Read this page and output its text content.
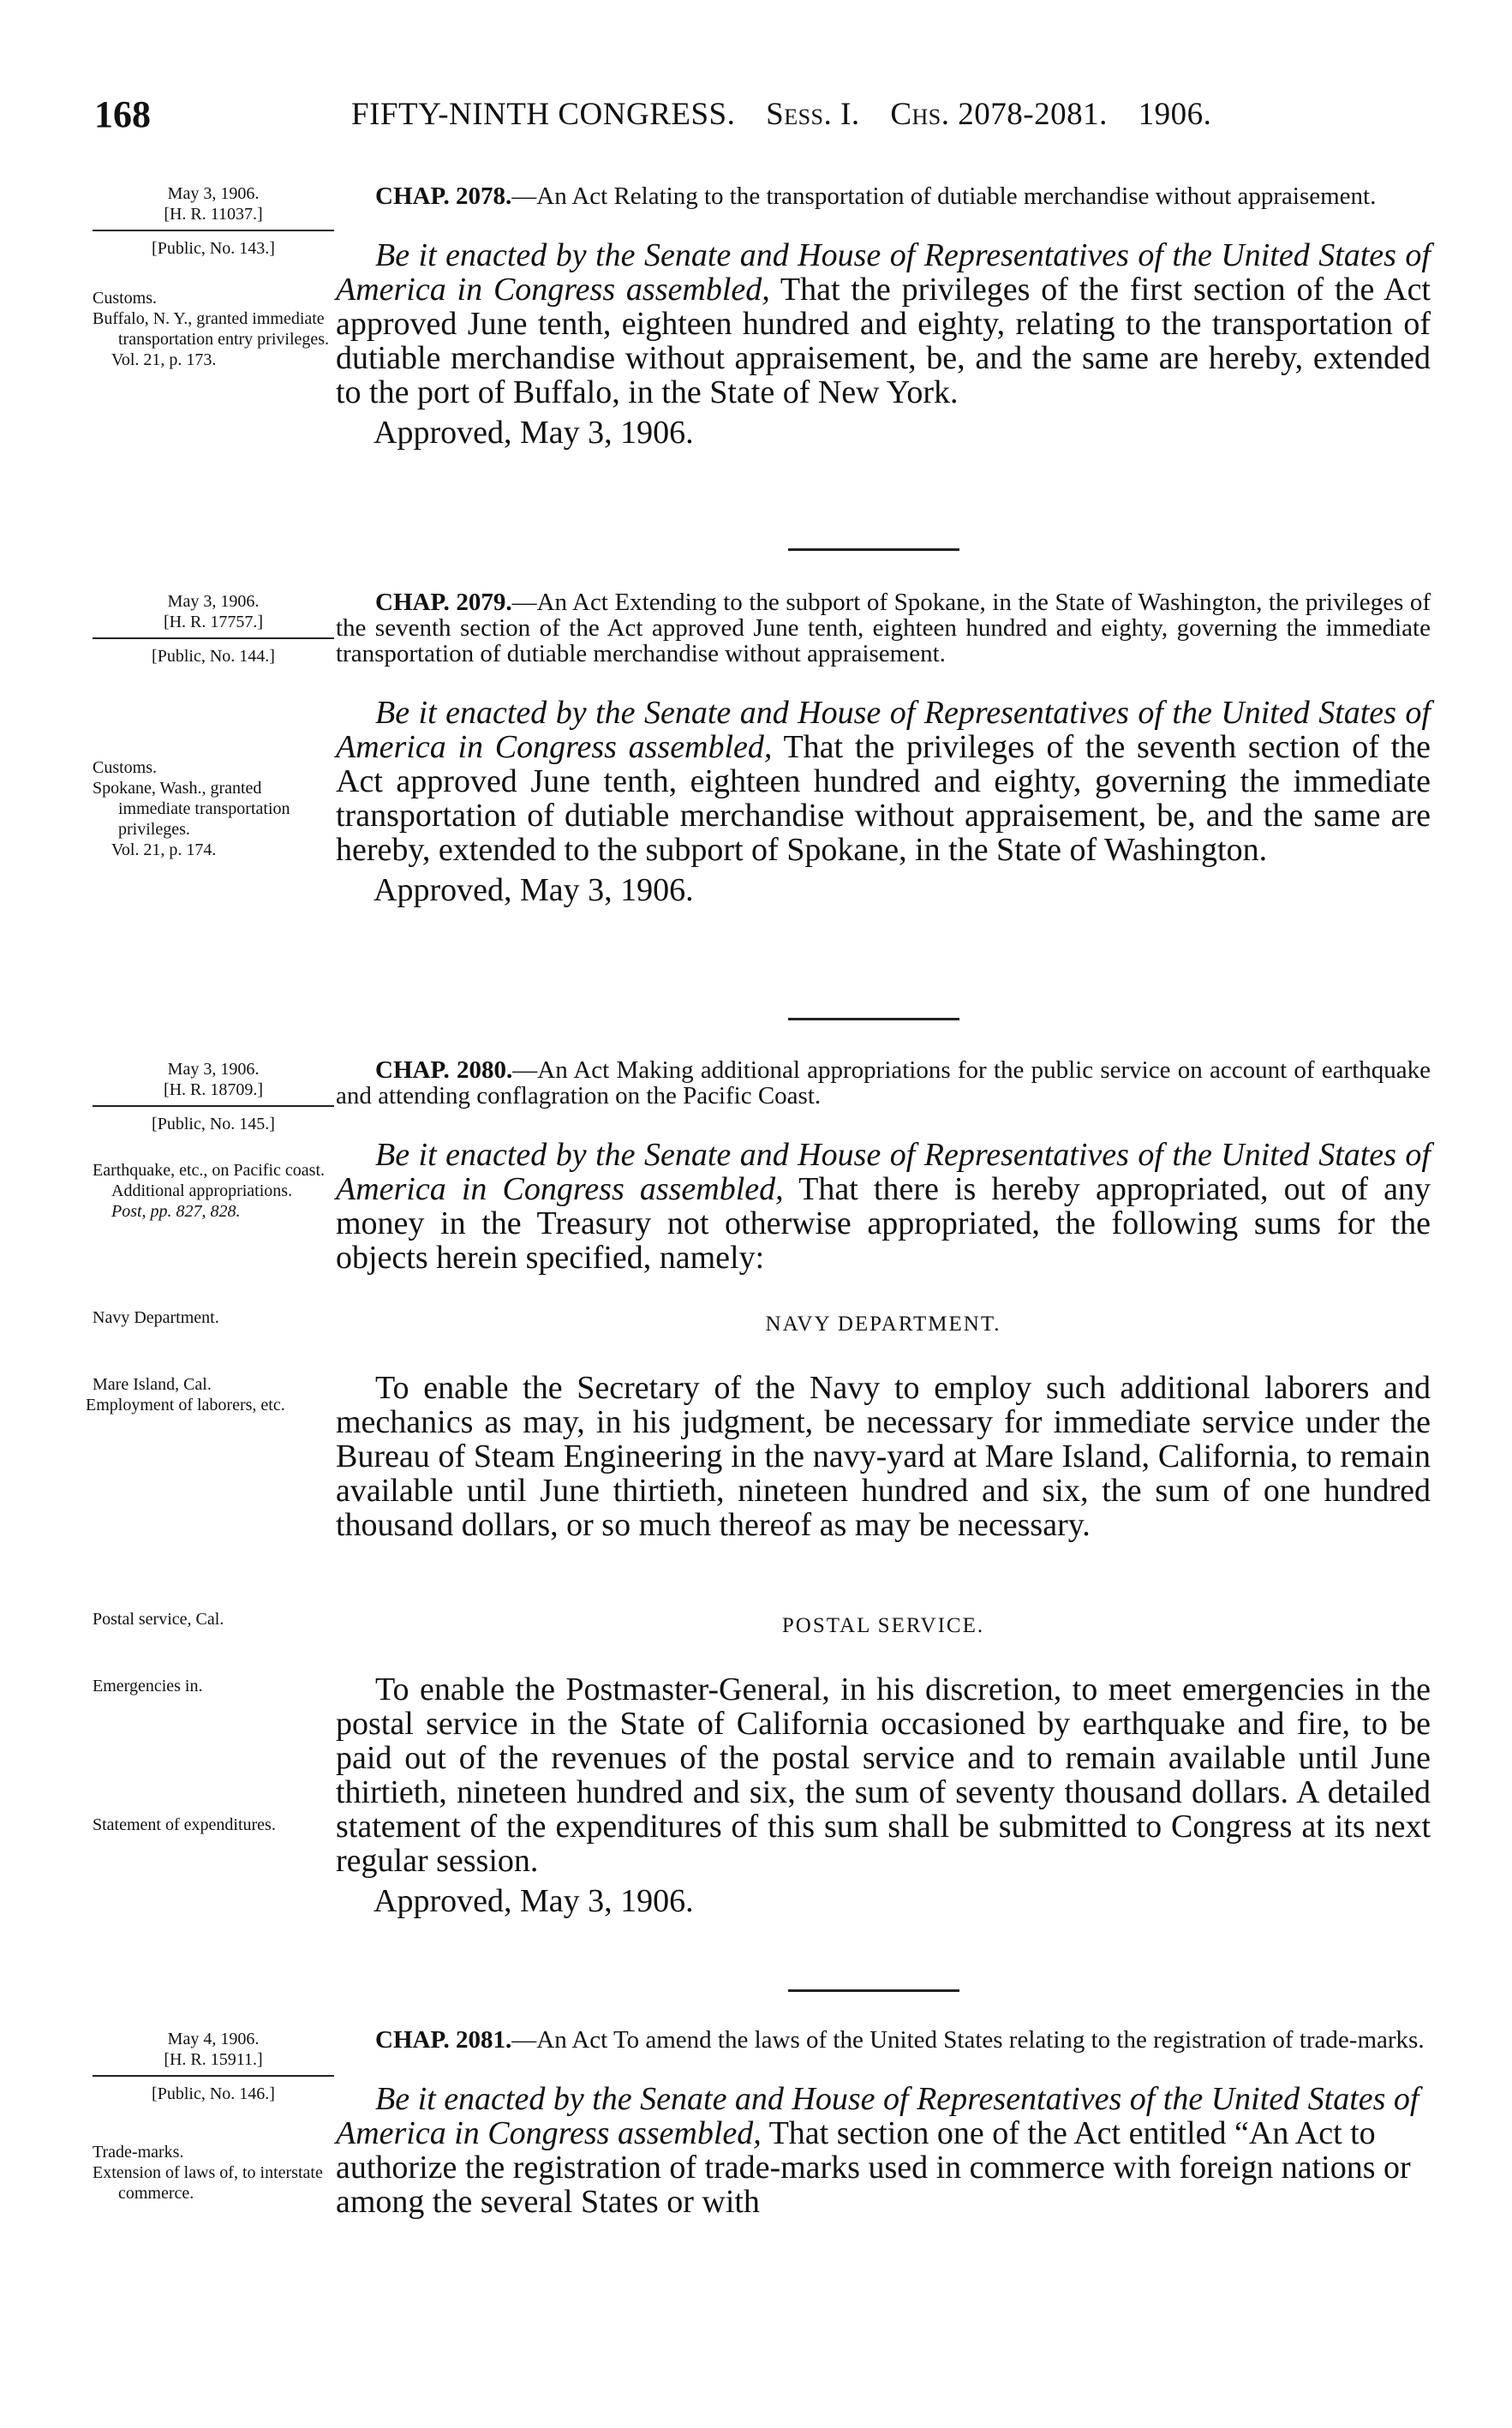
168	FIFTY-NINTH CONGRESS. Sess. I. Chs. 2078-2081. 1906.
May 3, 1906.
[H. R. 11037.]
[Public, No. 143.]
Customs.
Buffalo, N. Y., granted immediate transportation entry privileges.
Vol. 21, p. 173.
CHAP. 2078.—An Act Relating to the transportation of dutiable merchandise without appraisement.

Be it enacted by the Senate and House of Representatives of the United States of America in Congress assembled, That the privileges of the first section of the Act approved June tenth, eighteen hundred and eighty, relating to the transportation of dutiable merchandise without appraisement, be, and the same are hereby, extended to the port of Buffalo, in the State of New York.

Approved, May 3, 1906.
May 3, 1906.
[H. R. 17757.]
[Public, No. 144.]
Customs.
Spokane, Wash., granted immediate transportation privileges.
Vol. 21, p. 174.
CHAP. 2079.—An Act Extending to the subport of Spokane, in the State of Washington, the privileges of the seventh section of the Act approved June tenth, eighteen hundred and eighty, governing the immediate transportation of dutiable merchandise without appraisement.

Be it enacted by the Senate and House of Representatives of the United States of America in Congress assembled, That the privileges of the seventh section of the Act approved June tenth, eighteen hundred and eighty, governing the immediate transportation of dutiable merchandise without appraisement, be, and the same are hereby, extended to the subport of Spokane, in the State of Washington.

Approved, May 3, 1906.
May 3, 1906.
[H. R. 18709.]
[Public, No. 145.]
Earthquake, etc., on Pacific coast.
Additional appropriations.
Post, pp. 827, 828.
CHAP. 2080.—An Act Making additional appropriations for the public service on account of earthquake and attending conflagration on the Pacific Coast.

Be it enacted by the Senate and House of Representatives of the United States of America in Congress assembled, That there is hereby appropriated, out of any money in the Treasury not otherwise appropriated, the following sums for the objects herein specified, namely:

Navy Department.	NAVY DEPARTMENT.
Mare Island, Cal.
Employment of laborers, etc.	To enable the Secretary of the Navy to employ such additional laborers and mechanics as may, in his judgment, be necessary for immediate service under the Bureau of Steam Engineering in the navy-yard at Mare Island, California, to remain available until June thirtieth, nineteen hundred and six, the sum of one hundred thousand dollars, or so much thereof as may be necessary.

Postal service, Cal.	POSTAL SERVICE.
Emergencies in.
Statement of expenditures.

To enable the Postmaster-General, in his discretion, to meet emergencies in the postal service in the State of California occasioned by earthquake and fire, to be paid out of the revenues of the postal service and to remain available until June thirtieth, nineteen hundred and six, the sum of seventy thousand dollars. A detailed statement of the expenditures of this sum shall be submitted to Congress at its next regular session.

Approved, May 3, 1906.
May 4, 1906.
[H. R. 15911.]
[Public, No. 146.]
Trade-marks.
Extension of laws of, to interstate commerce.
CHAP. 2081.—An Act To amend the laws of the United States relating to the registration of trade-marks.

Be it enacted by the Senate and House of Representatives of the United States of America in Congress assembled, That section one of the Act entitled “An Act to authorize the registration of trade-marks used in commerce with foreign nations or among the several States or with
